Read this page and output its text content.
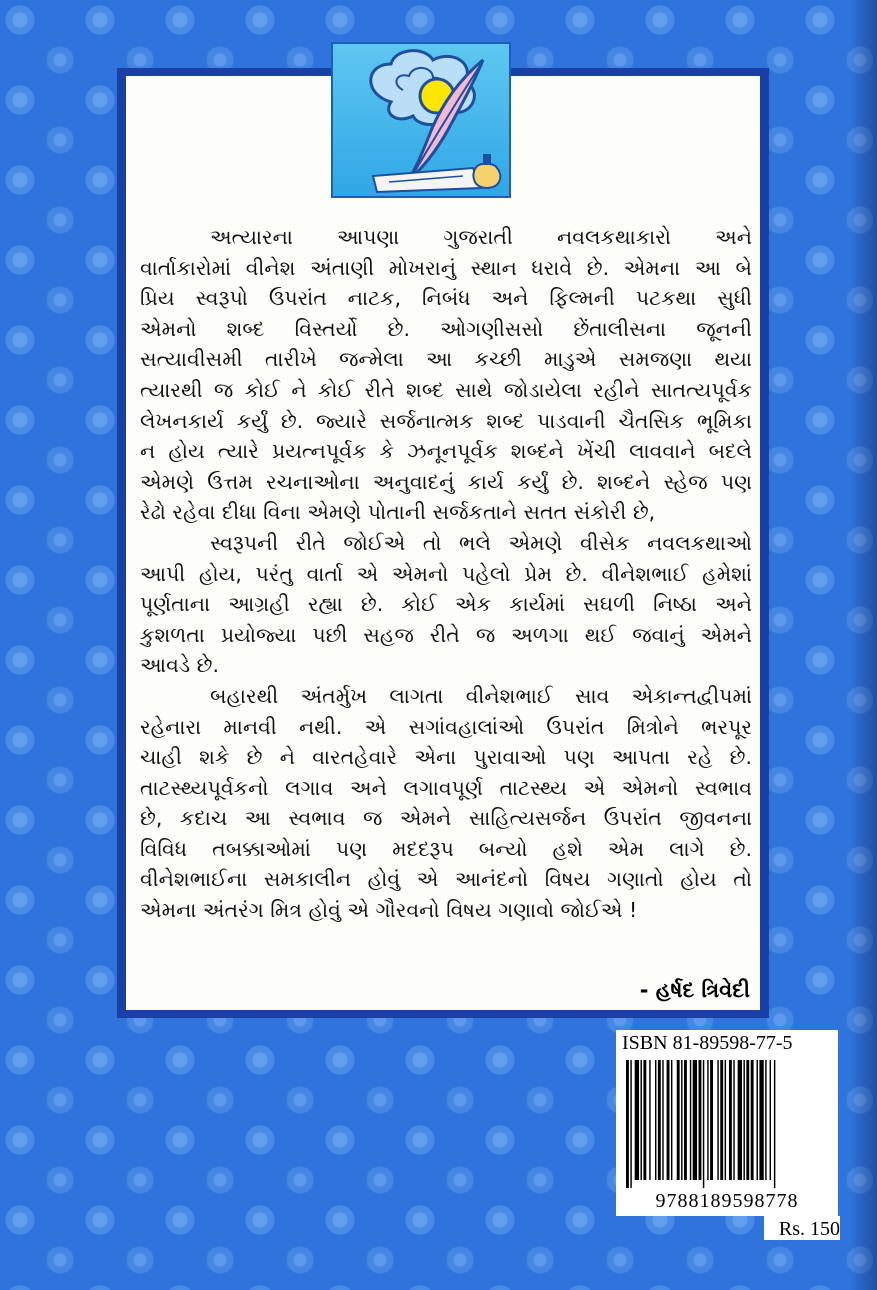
અત્યારના આપણા ગુજરાતી નવલકથાકારો અને
વાર્તાકારોમાં વીનેશ અંતાણી મોખરાનું સ્થાન ધરાવે છે. એમના આ બે
પ્રિય સ્વરૂપો ઉપરાંત નાટક, નિબંધ અને ફિલ્મની પટકથા સુધી
એમનો શબ્દ વિસ્તર્યો છે. ઓગણીસસો છેંતાલીસના જૂનની
સત્યાવીસમી તારીખે જન્મેલા આ કચ્છી માડુએ સમજણા થયા
ત્યારથી જ કોઈ ને કોઈ રીતે શબ્દ સાથે જોડાયેલા રહીને સાતત્યપૂર્વક
લેખનકાર્ય કર્યું છે. જ્યારે સર્જનાત્મક શબ્દ પાડવાની ચૈતસિક ભૂમિકા
ન હોય ત્યારે પ્રયત્નપૂર્વક કે ઝનૂનપૂર્વક શબ્દને ખેંચી લાવવાને બદલે
એમણે ઉત્તમ રચનાઓના અનુવાદનું કાર્ય કર્યું છે. શબ્દને સ્હેજ પણ
રેઢો રહેવા દીધા વિના એમણે પોતાની સર્જકતાને સતત સંકોરી છે,

સ્વરૂપની રીતે જોઈએ તો ભલે એમણે વીસેક નવલકથાઓ
આપી હોય, પરંતુ વાર્તા એ એમનો પહેલો પ્રેમ છે. વીનેશભાઈ હમેશાં
પૂર્ણતાના આગ્રહી રહ્યા છે. કોઈ એક કાર્યમાં સઘળી નિષ્ઠા અને
કુશળતા પ્રયોજ્યા પછી સહજ રીતે જ અળગા થઈ જવાનું એમને
આવડે છે.

બહારથી અંતર્મુખ લાગતા વીનેશભાઈ સાવ એકાન્તદ્વીપમાં
રહેનારા માનવી નથી. એ સગાંવહાલાંઓ ઉપરાંત મિત્રોને ભરપૂર
ચાહી શકે છે ને વારતહેવારે એના પુરાવાઓ પણ આપતા રહે છે.
તાટસ્થ્યપૂર્વકનો લગાવ અને લગાવપૂર્ણ તાટસ્થ્ય એ એમનો સ્વભાવ
છે, કદાચ આ સ્વભાવ જ એમને સાહિત્યસર્જન ઉપરાંત જીવનના
વિવિધ તબક્કાઓમાં પણ મદદરૂપ બન્યો હશે એમ લાગે છે.
વીનેશભાઈના સમકાલીન હોવું એ આનંદનો વિષય ગણાતો હોય તો
એમના અંતરંગ મિત્ર હોવું એ ગૌરવનો વિષય ગણાવો જોઈએ !

- હર્ષદ ત્રિવેદી
ISBN 81-89598-77-5
9788189598778
Rs. 150
